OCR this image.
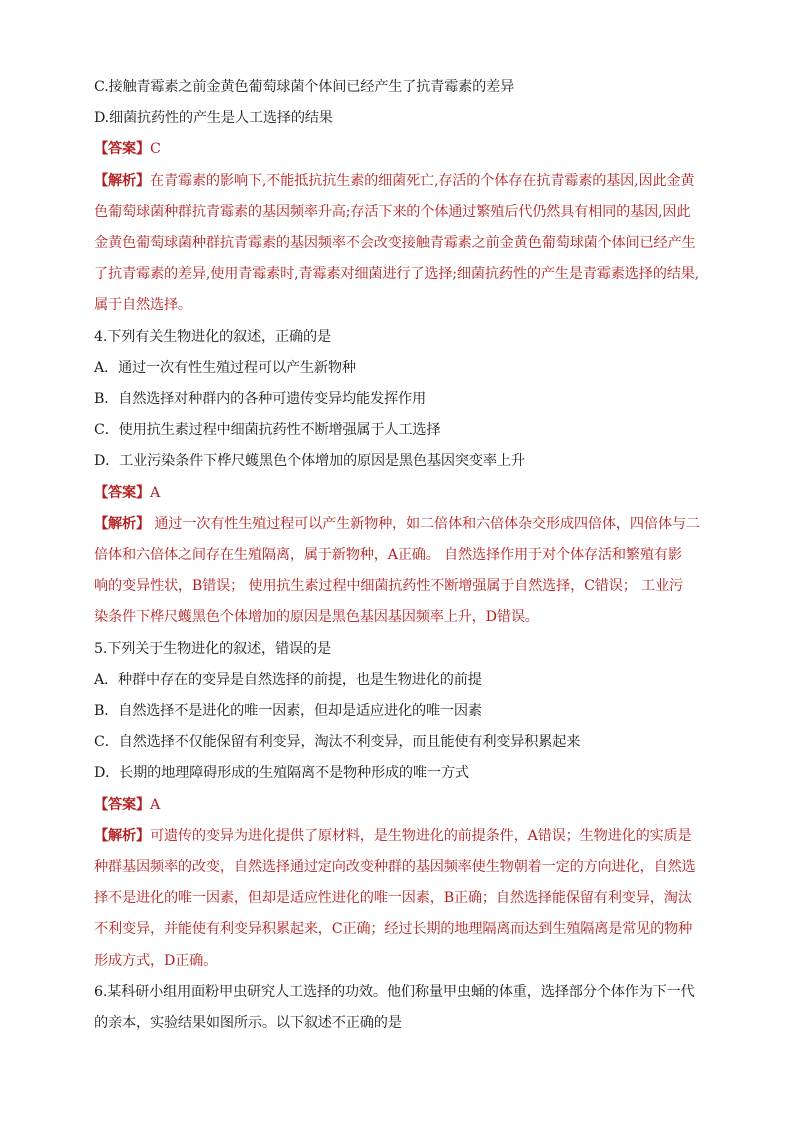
C.接触青霉素之前金黄色葡萄球菌个体间已经产生了抗青霉素的差异
D.细菌抗药性的产生是人工选择的结果
【答案】C
【解析】在青霉素的影响下,不能抵抗抗生素的细菌死亡,存活的个体存在抗青霉素的基因,因此金黄
色葡萄球菌种群抗青霉素的基因频率升高;存活下来的个体通过繁殖后代仍然具有相同的基因,因此
金黄色葡萄球菌种群抗青霉素的基因频率不会改变接触青霉素之前金黄色葡萄球菌个体间已经产生
了抗青霉素的差异,使用青霉素时,青霉素对细菌进行了选择;细菌抗药性的产生是青霉素选择的结果,
属于自然选择。
4.下列有关生物进化的叙述，正确的是
A．通过一次有性生殖过程可以产生新物种
B．自然选择对种群内的各种可遗传变异均能发挥作用
C．使用抗生素过程中细菌抗药性不断增强属于人工选择
D．工业污染条件下桦尺蠖黑色个体增加的原因是黑色基因突变率上升
【答案】A
【解析】 通过一次有性生殖过程可以产生新物种，如二倍体和六倍体杂交形成四倍体，四倍体与二
倍体和六倍体之间存在生殖隔离，属于新物种，A正确。 自然选择作用于对个体存活和繁殖有影
响的变异性状，B错误； 使用抗生素过程中细菌抗药性不断增强属于自然选择，C错误； 工业污
染条件下桦尺蠖黑色个体增加的原因是黑色基因基因频率上升，D错误。
5.下列关于生物进化的叙述，错误的是
A．种群中存在的变异是自然选择的前提，也是生物进化的前提
B．自然选择不是进化的唯一因素，但却是适应进化的唯一因素
C．自然选择不仅能保留有利变异，淘汰不利变异，而且能使有利变异积累起来
D．长期的地理障碍形成的生殖隔离不是物种形成的唯一方式
【答案】A
【解析】可遗传的变异为进化提供了原材料，是生物进化的前提条件，A错误；生物进化的实质是
种群基因频率的改变，自然选择通过定向改变种群的基因频率使生物朝着一定的方向进化，自然选
择不是进化的唯一因素，但却是适应性进化的唯一因素，B正确；自然选择能保留有利变异，淘汰
不利变异，并能使有利变异积累起来，C正确；经过长期的地理隔离而达到生殖隔离是常见的物种
形成方式，D正确。
6.某科研小组用面粉甲虫研究人工选择的功效。他们称量甲虫蛹的体重，选择部分个体作为下一代
的亲本，实验结果如图所示。以下叙述不正确的是
